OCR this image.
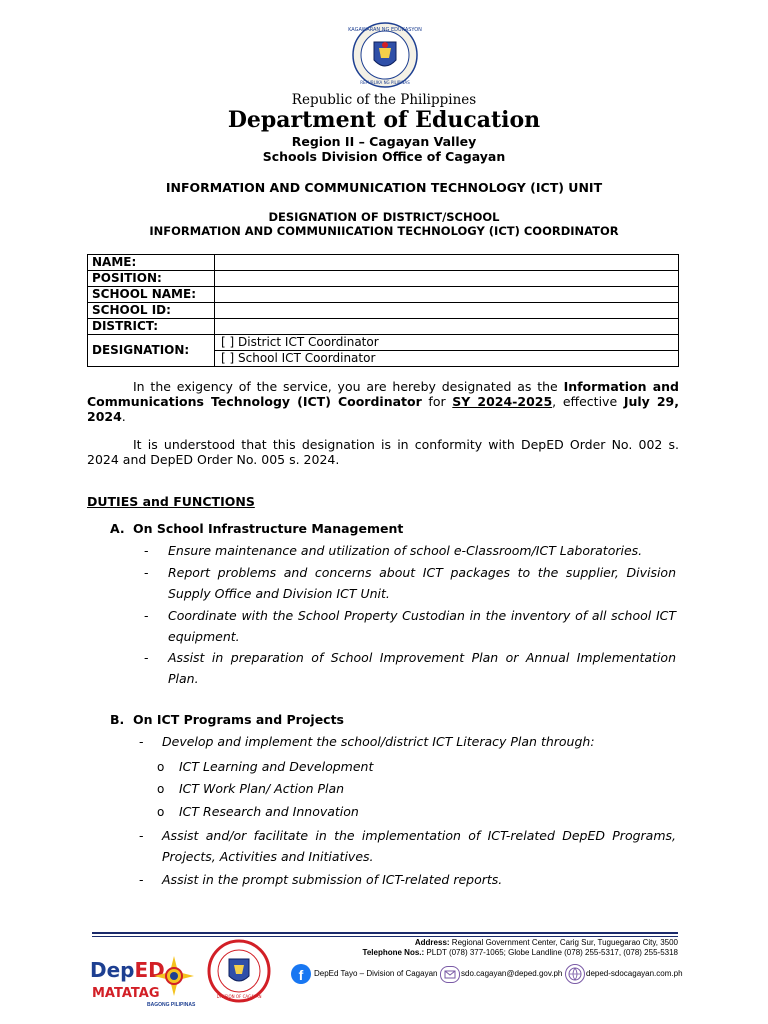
KAGAWARAN NG EDUKASYON
REPUBLIKA NG PILIPINAS
Republic of the Philippines
Department of Education
Region II – Cagayan Valley
Schools Division Office of Cagayan
INFORMATION AND COMMUNICATION TECHNOLOGY (ICT) UNIT
DESIGNATION OF DISTRICT/SCHOOL
INFORMATION AND COMMUNIICATION TECHNOLOGY (ICT) COORDINATOR
NAME:	
POSITION:	
SCHOOL NAME:	
SCHOOL ID:	
DISTRICT:	
DESIGNATION:	[ ] District ICT Coordinator
	[ ] School ICT Coordinator
In the exigency of the service, you are hereby designated as the Information and Communications Technology (ICT) Coordinator for SY 2024-2025, effective July 29, 2024.
It is understood that this designation is in conformity with DepED Order No. 002 s. 2024 and DepED Order No. 005 s. 2024.
DUTIES and FUNCTIONS
A. On School Infrastructure Management
- Ensure maintenance and utilization of school e-Classroom/ICT Laboratories.
- Report problems and concerns about ICT packages to the supplier, Division Supply Office and Division ICT Unit.
- Coordinate with the School Property Custodian in the inventory of all school ICT equipment.
- Assist in preparation of School Improvement Plan or Annual Implementation Plan.
B. On ICT Programs and Projects
- Develop and implement the school/district ICT Literacy Plan through:
o ICT Learning and Development
o ICT Work Plan/ Action Plan
o ICT Research and Innovation
- Assist and/or facilitate in the implementation of ICT-related DepED Programs, Projects, Activities and Initiatives.
- Assist in the prompt submission of ICT-related reports.
Address: Regional Government Center, Carig Sur, Tuguegarao City, 3500
Telephone Nos.: PLDT (078) 377-1065; Globe Landline (078) 255-5317, (078) 255-5318
f	DepEd Tayo – Division of Cagayan	sdo.cagayan@deped.gov.ph	deped-sdocagayan.com.ph
DepED
MATATAG
BAGONG PILIPINAS
DIVISION OF CAGAYAN
